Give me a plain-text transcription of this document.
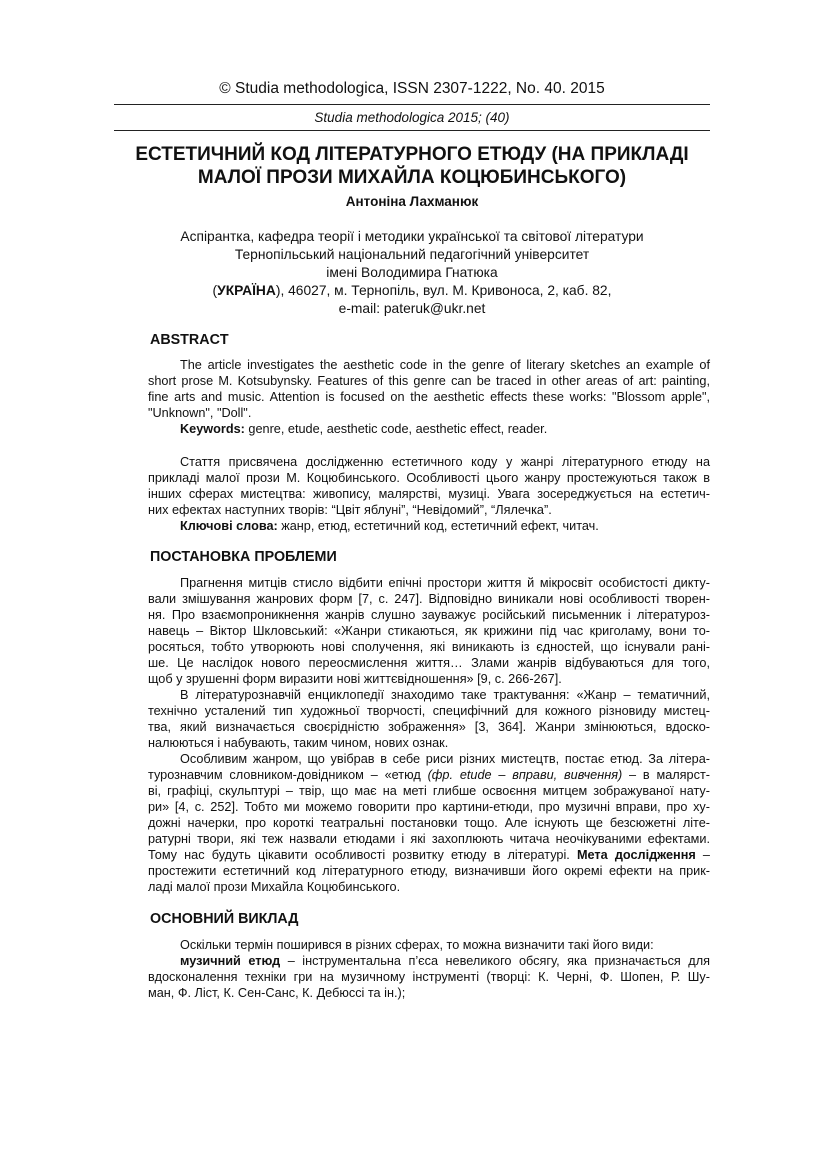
© Studia methodologica, ISSN 2307-1222, No. 40. 2015
Studia methodologica 2015; (40)
ЕСТЕТИЧНИЙ КОД ЛІТЕРАТУРНОГО ЕТЮДУ (НА ПРИКЛАДІ
МАЛОЇ ПРОЗИ МИХАЙЛА КОЦЮБИНСЬКОГО)
Антоніна Лахманюк
Аспірантка, кафедра теорії і методики української та світової літератури
Тернопільський національний педагогічний університет
імені Володимира Гнатюка
(УКРАЇНА), 46027, м. Тернопіль, вул. М. Кривоноса, 2, каб. 82,
e-mail: pateruk@ukr.net
ABSTRACT
The article investigates the aesthetic code in the genre of literary sketches an example of
short prose M. Kotsubynsky. Features of this genre can be traced in other areas of art: painting,
fine arts and music. Attention is focused on the aesthetic effects these works: "Blossom apple",
"Unknown", "Doll".
Keywords: genre, etude, aesthetic code, aesthetic effect, reader.
Стаття присвячена дослідженню естетичного коду у жанрі літературного етюду на
прикладі малої прози М. Коцюбинського. Особливості цього жанру простежуються також в
інших сферах мистецтва: живопису, малярстві, музиці. Увага зосереджується на естетич-
них ефектах наступних творів: “Цвіт яблуні”, “Невідомий”, “Лялечка”.
Ключові слова: жанр, етюд, естетичний код, естетичний ефект, читач.
ПОСТАНОВКА ПРОБЛЕМИ
Прагнення митців стисло відбити епічні простори життя й мікросвіт особистості дикту-
вали змішування жанрових форм [7, с. 247]. Відповідно виникали нові особливості творен-
ня. Про взаємопроникнення жанрів слушно зауважує російський письменник і літературоз-
навець – Віктор Шкловський: «Жанри стикаються, як крижини під час криголаму, вони то-
росяться, тобто утворюють нові сполучення, які виникають із єдностей, що існували рані-
ше. Це наслідок нового переосмислення життя… Злами жанрів відбуваються для того,
щоб у зрушенні форм виразити нові життєвідношення» [9, с. 266-267].
В літературознавчій енциклопедії знаходимо таке трактування: «Жанр – тематичний,
технічно усталений тип художньої творчості, специфічний для кожного різновиду мистец-
тва, який визначається своєрідністю зображення» [3, 364]. Жанри змінюються, вдоско-
налюються і набувають, таким чином, нових ознак.
Особливим жанром, що увібрав в себе риси різних мистецтв, постає етюд. За літера-
турознавчим словником-довідником – «етюд (фр. etude – вправи, вивчення) – в малярст-
ві, графіці, скульптурі – твір, що має на меті глибше освоєння митцем зображуваної нату-
ри» [4, с. 252]. Тобто ми можемо говорити про картини-етюди, про музичні вправи, про ху-
дожні начерки, про короткі театральні постановки тощо. Але існують ще безсюжетні літе-
ратурні твори, які теж назвали етюдами і які захоплюють читача неочікуваними ефектами.
Тому нас будуть цікавити особливості розвитку етюду в літературі. Мета дослідження –
простежити естетичний код літературного етюду, визначивши його окремі ефекти на прик-
ладі малої прози Михайла Коцюбинського.
ОСНОВНИЙ ВИКЛАД
Оскільки термін поширився в різних сферах, то можна визначити такі його види:
музичний етюд – інструментальна п’єса невеликого обсягу, яка призначається для
вдосконалення техніки гри на музичному інструменті (творці: К. Черні, Ф. Шопен, Р. Шу-
ман, Ф. Ліст, К. Сен-Санс, К. Дебюссі та ін.);
